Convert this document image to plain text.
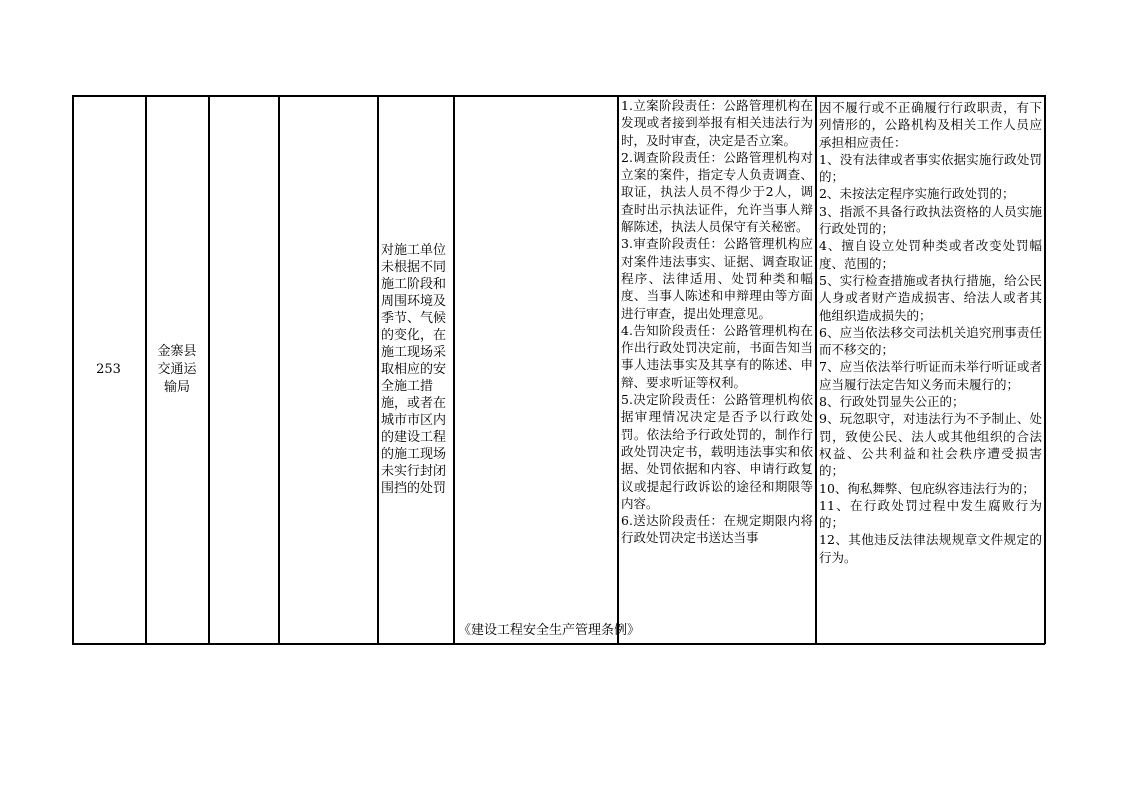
253
金寨县交通运输局
对施工单位未根据不同施工阶段和周围环境及季节、气候的变化，在施工现场采取相应的安全施工措施，或者在城市市区内的建设工程的施工现场未实行封闭围挡的处罚
《建设工程安全生产管理条例》

1.立案阶段责任：公路管理机构在发现或者接到举报有相关违法行为时，及时审查，决定是否立案。

2.调查阶段责任：公路管理机构对立案的案件，指定专人负责调查、取证，执法人员不得少于2人，调查时出示执法证件，允许当事人辩解陈述，执法人员保守有关秘密。

3.审查阶段责任：公路管理机构应对案件违法事实、证据、调查取证程序、法律适用、处罚种类和幅度、当事人陈述和申辩理由等方面进行审查，提出处理意见。

4.告知阶段责任：公路管理机构在作出行政处罚决定前，书面告知当事人违法事实及其享有的陈述、申辩、要求听证等权利。

5.决定阶段责任：公路管理机构依据审理情况决定是否予以行政处罚。依法给予行政处罚的，制作行政处罚决定书，载明违法事实和依据、处罚依据和内容、申请行政复议或提起行政诉讼的途径和期限等内容。

6.送达阶段责任：在规定期限内将行政处罚决定书送达当事

因不履行或不正确履行行政职责，有下列情形的，公路机构及相关工作人员应承担相应责任：

1、没有法律或者事实依据实施行政处罚的；

2、未按法定程序实施行政处罚的；

3、指派不具备行政执法资格的人员实施行政处罚的；

4、擅自设立处罚种类或者改变处罚幅度、范围的；

5、实行检查措施或者执行措施，给公民人身或者财产造成损害、给法人或者其他组织造成损失的；

6、应当依法移交司法机关追究刑事责任而不移交的；

7、应当依法举行听证而未举行听证或者应当履行法定告知义务而未履行的；

8、行政处罚显失公正的；

9、玩忽职守，对违法行为不予制止、处罚，致使公民、法人或其他组织的合法权益、公共利益和社会秩序遭受损害的；

10、徇私舞弊、包庇纵容违法行为的；

11、在行政处罚过程中发生腐败行为的；

12、其他违反法律法规规章文件规定的行为。
